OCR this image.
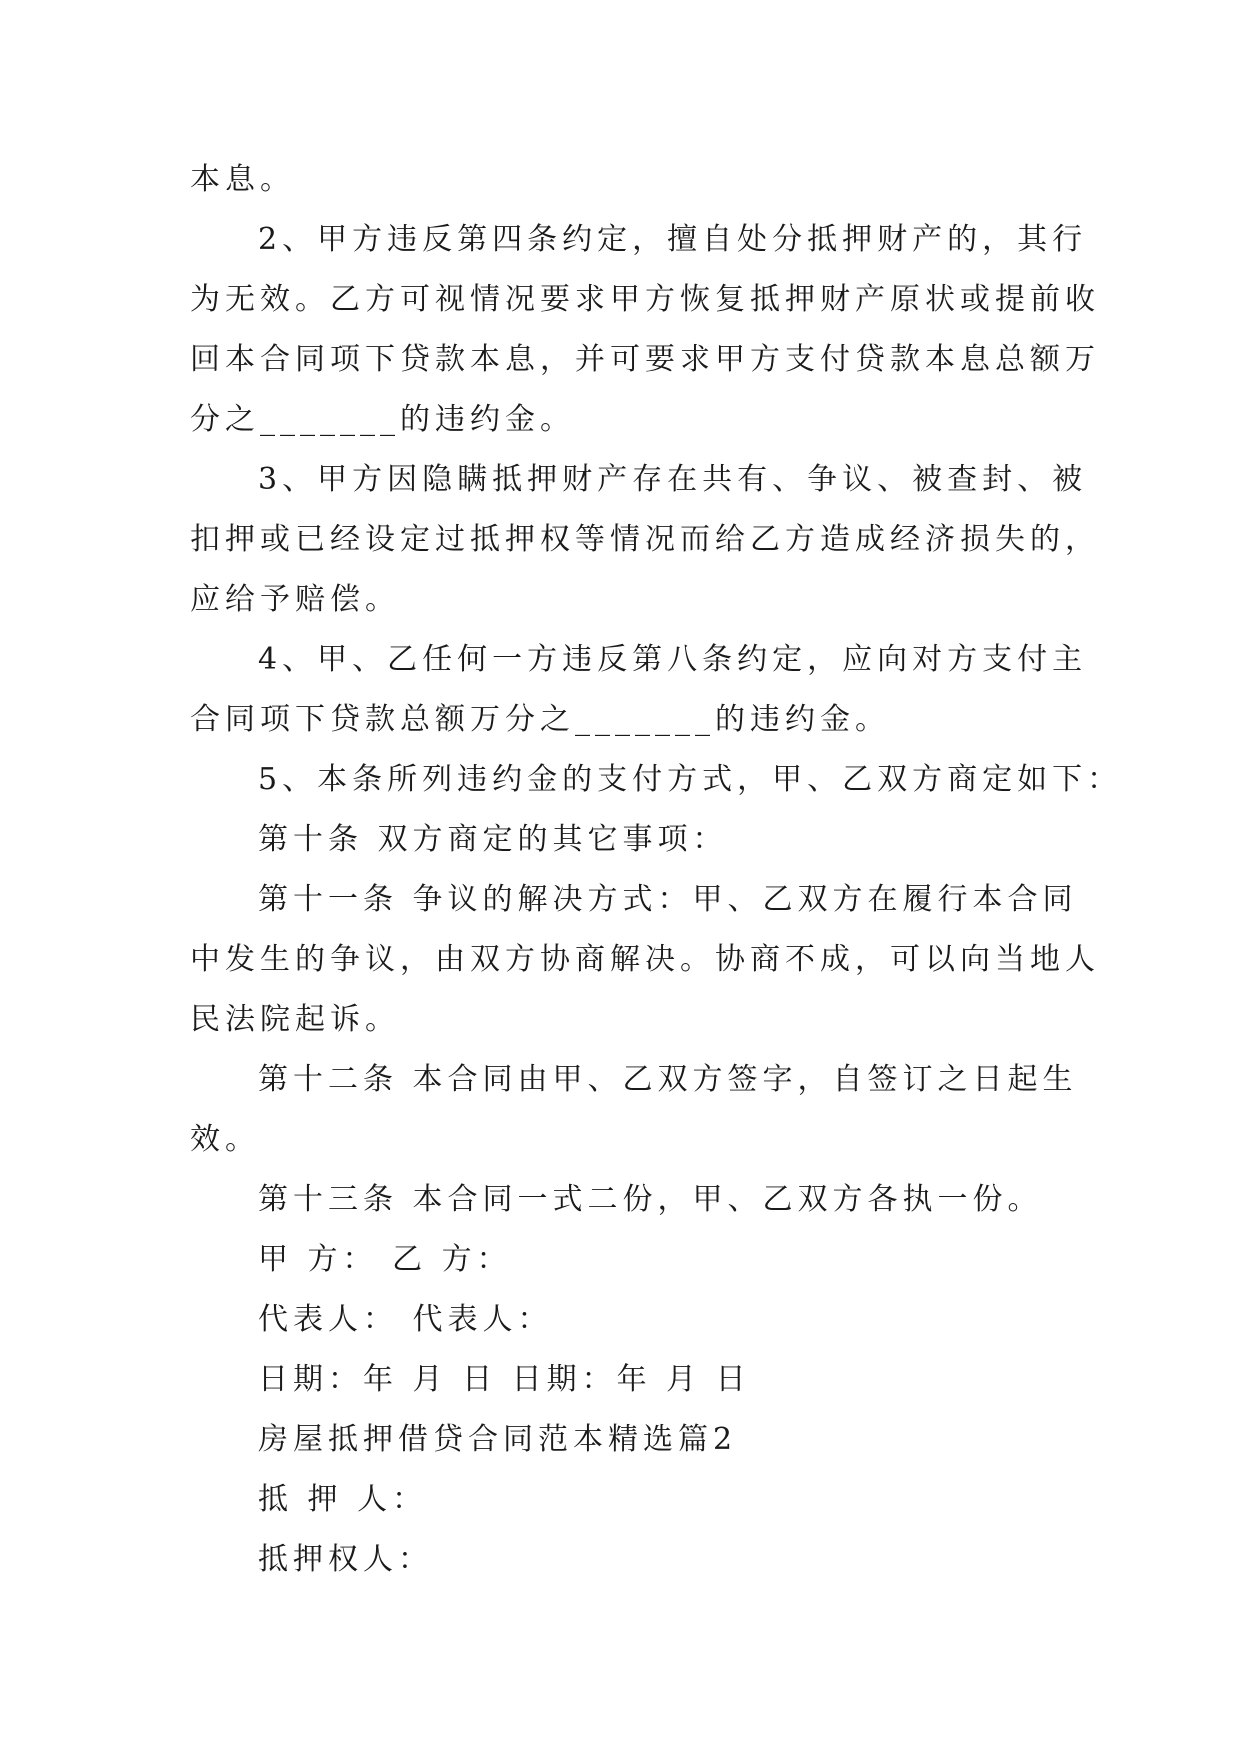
本息。
2、甲方违反第四条约定，擅自处分抵押财产的，其行
为无效。乙方可视情况要求甲方恢复抵押财产原状或提前收
回本合同项下贷款本息，并可要求甲方支付贷款本息总额万
分之_______的违约金。
3、甲方因隐瞒抵押财产存在共有、争议、被查封、被
扣押或已经设定过抵押权等情况而给乙方造成经济损失的，
应给予赔偿。
4、甲、乙任何一方违反第八条约定，应向对方支付主
合同项下贷款总额万分之_______的违约金。
5、本条所列违约金的支付方式，甲、乙双方商定如下：
第十条 双方商定的其它事项：
第十一条 争议的解决方式：甲、乙双方在履行本合同
中发生的争议，由双方协商解决。协商不成，可以向当地人
民法院起诉。
第十二条 本合同由甲、乙双方签字，自签订之日起生
效。
第十三条 本合同一式二份，甲、乙双方各执一份。
甲 方： 乙 方：
代表人： 代表人：
日期：年 月 日 日期：年 月 日
房屋抵押借贷合同范本精选篇2
抵 押 人：
抵押权人：
